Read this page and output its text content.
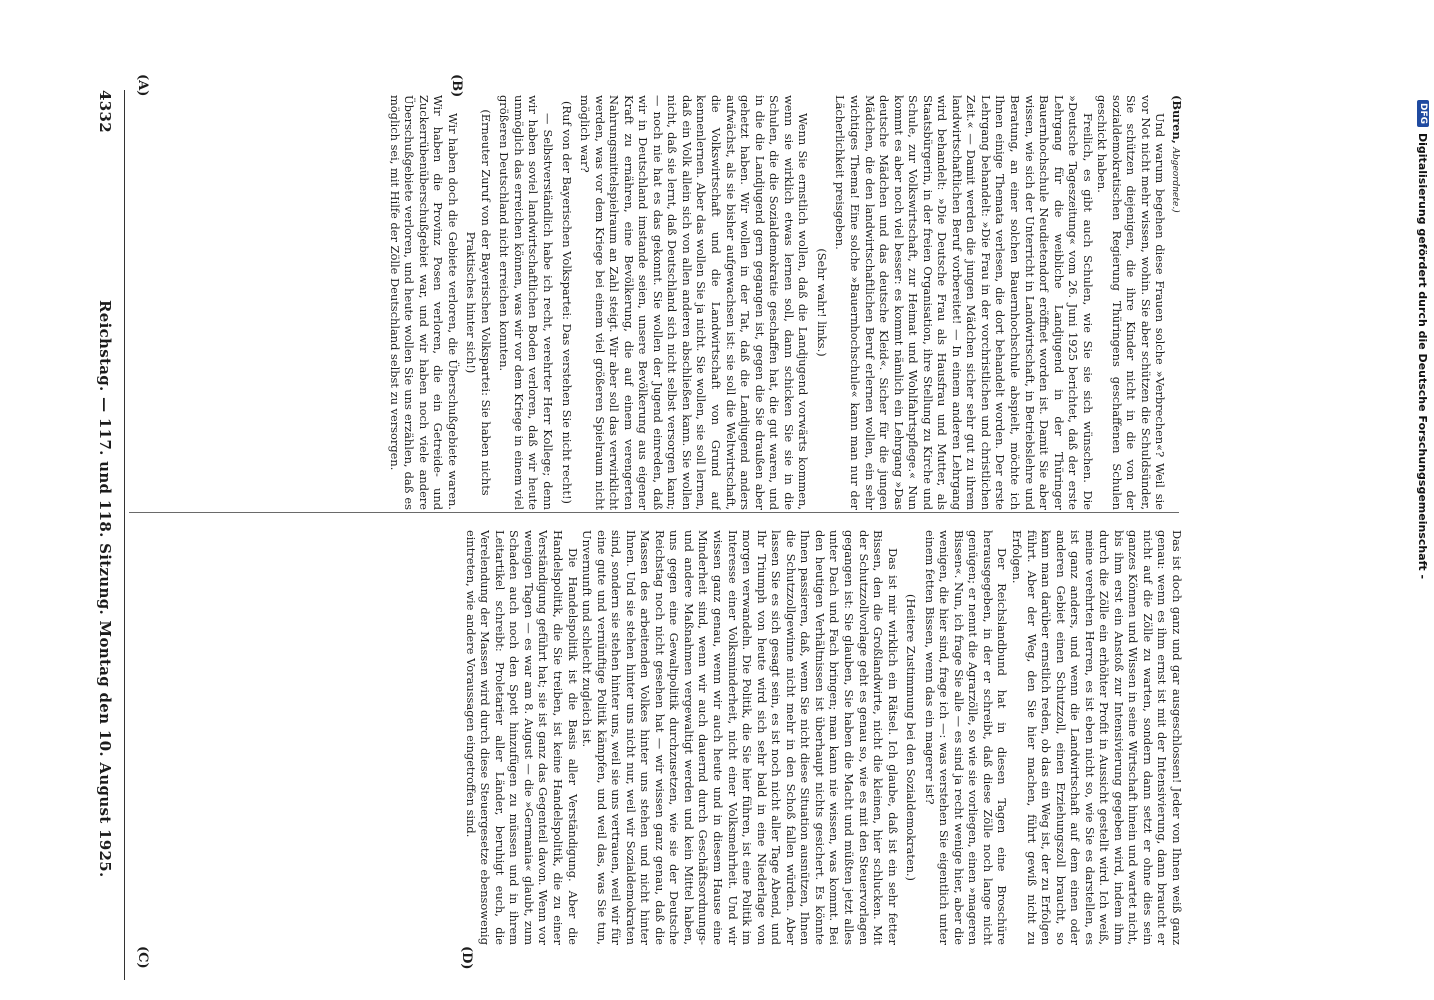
4332
Reichstag. — 117. und 118. Sitzung. Montag den 10. August 1925.
(A)	(B)
(C)	(D)

(Buren, Abgeordnete.)

Und warum begehen diese Frauen solche »Verbrechen«? Weil sie vor Not nicht mehr wissen, wohin. Sie aber schützen die Schuldsünder, Sie schützen diejenigen, die ihre Kinder nicht in die von der sozialdemokratischen Regierung Thüringens geschaffenen Schulen geschickt haben.

Freilich, es gibt auch Schulen, wie Sie sie sich wünschen. Die »Deutsche Tageszeitung« vom 26. Juni 1925 berichtet, daß der erste Lehrgang für die weibliche Landjugend in der Thüringer Bauernhochschule Neudietendorf eröffnet worden ist. Damit Sie aber wissen, wie sich der Unterricht in Landwirtschaft, in Betriebslehre und Beratung, an einer solchen Bauernhochschule abspielt, möchte ich Ihnen einige Themata verlesen, die dort behandelt worden. Der erste Lehrgang behandelt: »Die Frau in der vorchristlichen und christlichen Zeit.« — Damit werden die jungen Mädchen sicher sehr gut zu ihrem landwirtschaftlichen Beruf vorbereitet! — In einem anderen Lehrgang wird behandelt: »Die Deutsche Frau als Hausfrau und Mutter, als Staatsbürgerin, in der freien Organisation, ihre Stellung zu Kirche und Schule, zur Volkswirtschaft, zur Heimat und Wohlfahrtspflege.« Nun kommt es aber noch viel besser: es kommt nämlich ein Lehrgang »Das deutsche Mädchen und das deutsche Kleid«. Sicher für die jungen Mädchen, die den landwirtschaftlichen Beruf erlernen wollen, ein sehr wichtiges Thema! Eine solche »Bauernhochschule« kann man nur der Lächerlichkeit preisgeben.

(Sehr wahr! links.)

Wenn Sie ernstlich wollen, daß die Landjugend vorwärts kommen, wenn sie wirklich etwas lernen soll, dann schicken Sie sie in die Schulen, die die Sozialdemokratie geschaffen hat, die gut waren, und in die die Landjugend gern gegangen ist, gegen die Sie draußen aber gehetzt haben. Wir wollen in der Tat, daß die Landjugend anders aufwächst, als sie bisher aufgewachsen ist: sie soll die Weltwirtschaft, die Volkswirtschaft und die Landwirtschaft von Grund auf kennenlernen. Aber das wollen Sie ja nicht. Sie wollen, sie soll lernen, daß ein Volk allein sich von allen anderen abschließen kann. Sie wollen nicht, daß sie lernt, daß Deutschland sich nicht selbst versorgen kann; — noch nie hat es das gekonnt. Sie wollen der Jugend einreden, daß wir in Deutschland imstande seien, unsere Bevölkerung aus eigener Kraft zu ernähren, eine Bevölkerung, die auf einem verengerten Nahrungsmittelspielraum an Zahl steigt. Wir aber soll das verwirklicht werden, was vor dem Kriege bei einem viel größeren Spielraum nicht möglich war?

(Ruf von der Bayerischen Volkspartei: Das verstehen Sie nicht recht!)

— Selbstverständlich habe ich recht, verehrter Herr Kollege; denn wir haben soviel landwirtschaftlichen Boden verloren, daß wir heute unmöglich das erreichen können, was wir vor dem Kriege in einem viel größeren Deutschland nicht erreichen konnten.

(Erneuter Zuruf von der Bayerischen Volkspartei: Sie haben nichts Praktisches hinter sich!)

Wir haben doch die Gebiete verloren, die Überschußgebiete waren. Wir haben die Provinz Posen verloren, die ein Getreide- und Zuckerrübenüberschußgebiet war, und wir haben noch viele andere Überschußgebiete verloren, und heute wollen Sie uns erzählen, daß es möglich sei, mit Hilfe der Zölle Deutschland selbst zu versorgen.

Das ist doch ganz und gar ausgeschlossen! Jeder von Ihnen weiß ganz genau: wenn es ihm ernst ist mit der Intensivierung, dann braucht er nicht auf die Zölle zu warten, sondern dann setzt er ohne dies sein ganzes Können und Wissen in seine Wirtschaft hinein und wartet nicht, bis ihm erst ein Anstoß zur Intensivierung gegeben wird, indem ihm durch die Zölle ein erhöhter Profit in Aussicht gestellt wird. Ich weiß, meine verehrten Herren, es ist eben nicht so, wie Sie es darstellen, es ist ganz anders, und wenn die Landwirtschaft auf dem einen oder anderen Gebiet einen Schutzzoll, einen Erziehungszoll braucht, so kann man darüber ernstlich reden, ob das ein Weg ist, der zu Erfolgen führt. Aber der Weg, den Sie hier machen, führt gewiß nicht zu Erfolgen.

Der Reichslandbund hat in diesen Tagen eine Broschüre herausgegeben, in der er schreibt, daß diese Zölle noch lange nicht genügen; er nennt die Agrarzölle, so wie sie vorliegen, einen »mageren Bissen«. Nun, ich frage Sie alle — es sind ja recht wenige hier, aber die wenigen, die hier sind, frage ich —: was verstehen Sie eigentlich unter einem fetten Bissen, wenn das ein magerer ist?

(Heitere Zustimmung bei den Sozialdemokraten.)

Das ist mir wirklich ein Rätsel. Ich glaube, daß ist ein sehr fetter Bissen, den die Großlandwirte, nicht die kleinen, hier schlucken. Mit der Schutzzollvorlage geht es genau so, wie es mit den Steuervorlagen gegangen ist: Sie glauben, Sie haben die Macht und müßten jetzt alles unter Dach und Fach bringen; man kann nie wissen, was kommt. Bei den heutigen Verhältnissen ist überhaupt nichts gesichert. Es könnte Ihnen passieren, daß, wenn Sie nicht diese Situation ausnützen, Ihnen die Schutzzollgewinne nicht mehr in den Schoß fallen würden. Aber lassen Sie es sich gesagt sein, es ist noch nicht aller Tage Abend, und Ihr Triumph von heute wird sich sehr bald in eine Niederlage von morgen verwandeln. Die Politik, die Sie hier führen, ist eine Politik im Interesse einer Volksminderheit, nicht einer Volksmehrheit. Und wir wissen ganz genau, wenn wir auch heute und in diesem Hause eine Minderheit sind, wenn wir auch dauernd durch Geschäftsordnungs- und andere Maßnahmen vergewaltigt werden und kein Mittel haben, uns gegen eine Gewaltpolitik durchzusetzen, wie sie der Deutsche Reichstag noch nicht gesehen hat — wir wissen ganz genau, daß die Massen des arbeitenden Volkes hinter uns stehen und nicht hinter Ihnen. Und sie stehen hinter uns nicht nur, weil wir Sozialdemokraten sind, sondern sie stehen hinter uns, weil sie uns vertrauen, weil wir für eine gute und vernünftige Politik kämpfen, und weil das, was Sie tun, Unvernunft und schlecht zugleich ist.

Die Handelspolitik ist die Basis aller Verständigung. Aber die Handelspolitik, die Sie treiben, ist keine Handelspolitik, die zu einer Verständigung geführt hat; sie ist ganz das Gegenteil davon. Wenn vor wenigen Tagen — es war am 8. August — die »Germania« glaubt, zum Schaden auch noch den Spott hinzufügen zu müssen und in ihrem Leitartikel schreibt: Proletarier aller Länder, beruhigt euch, die Verelendung der Massen wird durch diese Steuergesetze ebensowenig eintreten, wie andere Voraussagen eingetroffen sind.

DFG
Digitalisierung gefördert durch die Deutsche Forschungsgemeinschaft -
